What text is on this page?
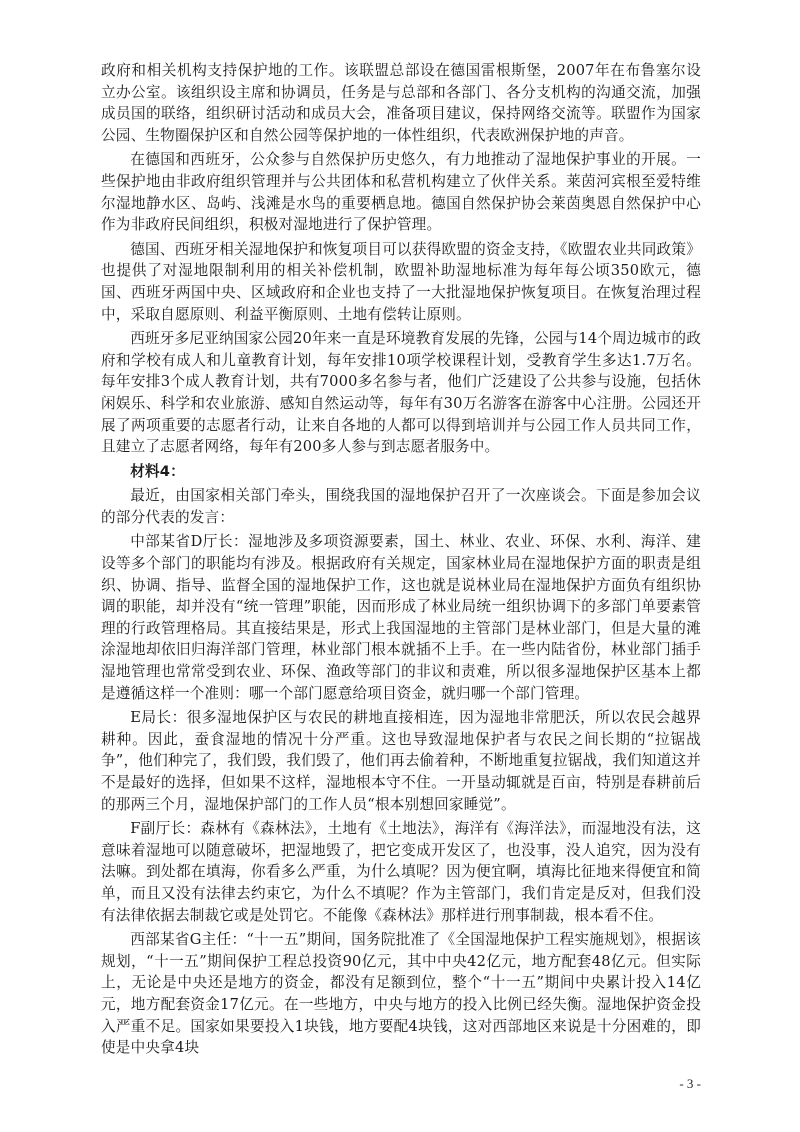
政府和相关机构支持保护地的工作。该联盟总部设在德国雷根斯堡，2007年在布鲁塞尔设立办公室。该组织设主席和协调员，任务是与总部和各部门、各分支机构的沟通交流，加强成员国的联络，组织研讨活动和成员大会，准备项目建议，保持网络交流等。联盟作为国家公园、生物圈保护区和自然公园等保护地的一体性组织，代表欧洲保护地的声音。

在德国和西班牙，公众参与自然保护历史悠久，有力地推动了湿地保护事业的开展。一些保护地由非政府组织管理并与公共团体和私营机构建立了伙伴关系。莱茵河宾根至爱特维尔湿地静水区、岛屿、浅滩是水鸟的重要栖息地。德国自然保护协会莱茵奥恩自然保护中心作为非政府民间组织，积极对湿地进行了保护管理。

德国、西班牙相关湿地保护和恢复项目可以获得欧盟的资金支持，《欧盟农业共同政策》也提供了对湿地限制利用的相关补偿机制，欧盟补助湿地标准为每年每公顷350欧元，德国、西班牙两国中央、区域政府和企业也支持了一大批湿地保护恢复项目。在恢复治理过程中，采取自愿原则、利益平衡原则、土地有偿转让原则。

西班牙多尼亚纳国家公园20年来一直是环境教育发展的先锋，公园与14个周边城市的政府和学校有成人和儿童教育计划，每年安排10项学校课程计划，受教育学生多达1.7万名。每年安排3个成人教育计划，共有7000多名参与者，他们广泛建设了公共参与设施，包括休闲娱乐、科学和农业旅游、感知自然运动等，每年有30万名游客在游客中心注册。公园还开展了两项重要的志愿者行动，让来自各地的人都可以得到培训并与公园工作人员共同工作，且建立了志愿者网络，每年有200多人参与到志愿者服务中。

材料4：

最近，由国家相关部门牵头，围绕我国的湿地保护召开了一次座谈会。下面是参加会议的部分代表的发言：

中部某省D厅长：湿地涉及多项资源要素，国土、林业、农业、环保、水利、海洋、建设等多个部门的职能均有涉及。根据政府有关规定，国家林业局在湿地保护方面的职责是组织、协调、指导、监督全国的湿地保护工作，这也就是说林业局在湿地保护方面负有组织协调的职能，却并没有“统一管理”职能，因而形成了林业局统一组织协调下的多部门单要素管理的行政管理格局。其直接结果是，形式上我国湿地的主管部门是林业部门，但是大量的滩涂湿地却依旧归海洋部门管理，林业部门根本就插不上手。在一些内陆省份，林业部门插手湿地管理也常常受到农业、环保、渔政等部门的非议和责难，所以很多湿地保护区基本上都是遵循这样一个准则：哪一个部门愿意给项目资金，就归哪一个部门管理。

E局长：很多湿地保护区与农民的耕地直接相连，因为湿地非常肥沃，所以农民会越界耕种。因此，蚕食湿地的情况十分严重。这也导致湿地保护者与农民之间长期的“拉锯战争”，他们种完了，我们毁，我们毁了，他们再去偷着种，不断地重复拉锯战，我们知道这并不是最好的选择，但如果不这样，湿地根本守不住。一开垦动辄就是百亩，特别是春耕前后的那两三个月，湿地保护部门的工作人员“根本别想回家睡觉”。

F副厅长：森林有《森林法》，土地有《土地法》，海洋有《海洋法》，而湿地没有法，这意味着湿地可以随意破坏，把湿地毁了，把它变成开发区了，也没事，没人追究，因为没有法嘛。到处都在填海，你看多么严重，为什么填呢？因为便宜啊，填海比征地来得便宜和简单，而且又没有法律去约束它，为什么不填呢？作为主管部门，我们肯定是反对，但我们没有法律依据去制裁它或是处罚它。不能像《森林法》那样进行刑事制裁，根本看不住。

西部某省G主任：“十一五”期间，国务院批准了《全国湿地保护工程实施规划》，根据该规划，“十一五”期间保护工程总投资90亿元，其中中央42亿元，地方配套48亿元。但实际上，无论是中央还是地方的资金，都没有足额到位，整个“十一五”期间中央累计投入14亿元，地方配套资金17亿元。在一些地方，中央与地方的投入比例已经失衡。湿地保护资金投入严重不足。国家如果要投入1块钱，地方要配4块钱，这对西部地区来说是十分困难的，即使是中央拿4块

- 3 -
